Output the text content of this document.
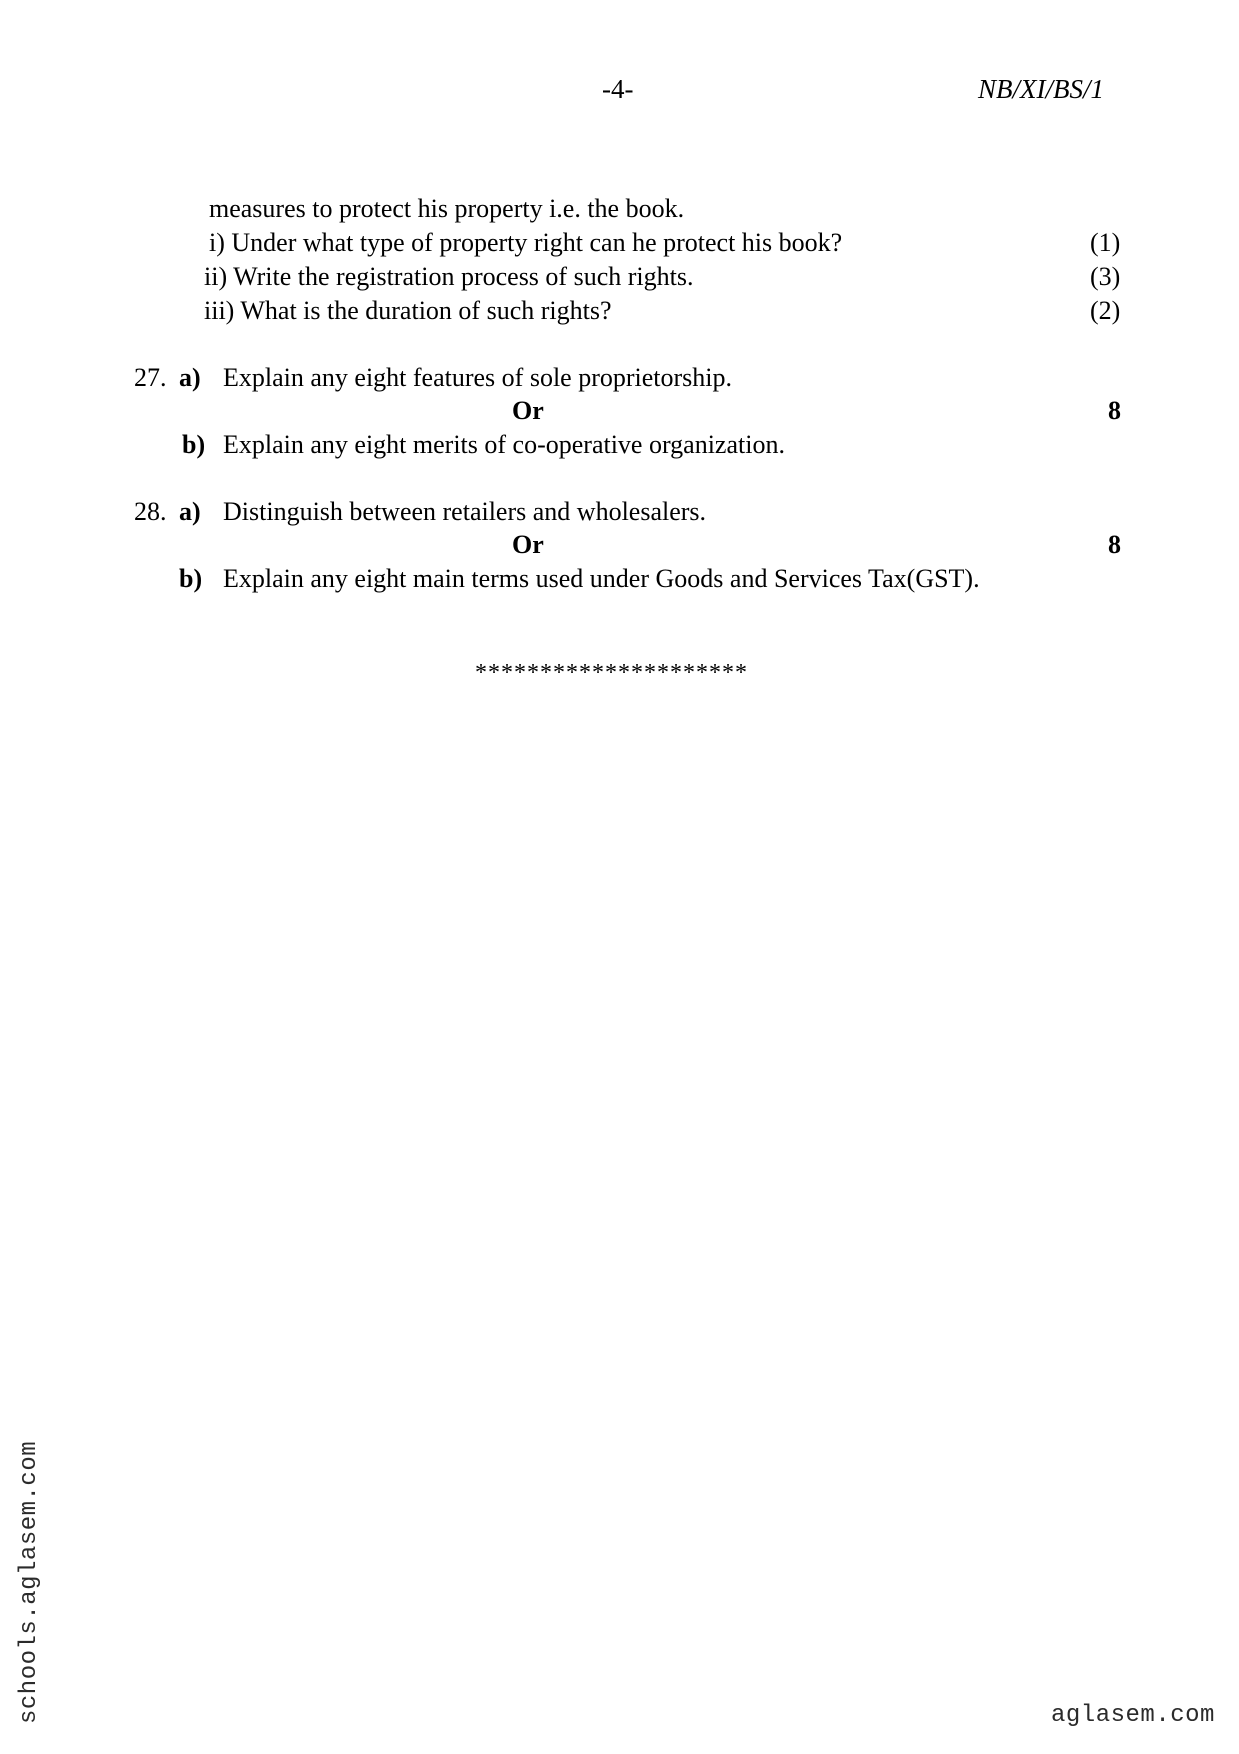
-4-	NB/XI/BS/1
measures to protect his property i.e. the book.
i) Under what type of property right can he protect his book?	(1)
ii) Write the registration process of such rights.	(3)
iii) What is the duration of such rights?	(2)
27. a) Explain any eight features of sole proprietorship.
Or	8
b) Explain any eight merits of co-operative organization.
28. a) Distinguish between retailers and wholesalers.
Or	8
b) Explain any eight main terms used under Goods and Services Tax(GST).
*********************
schools.aglasem.com	aglasem.com
